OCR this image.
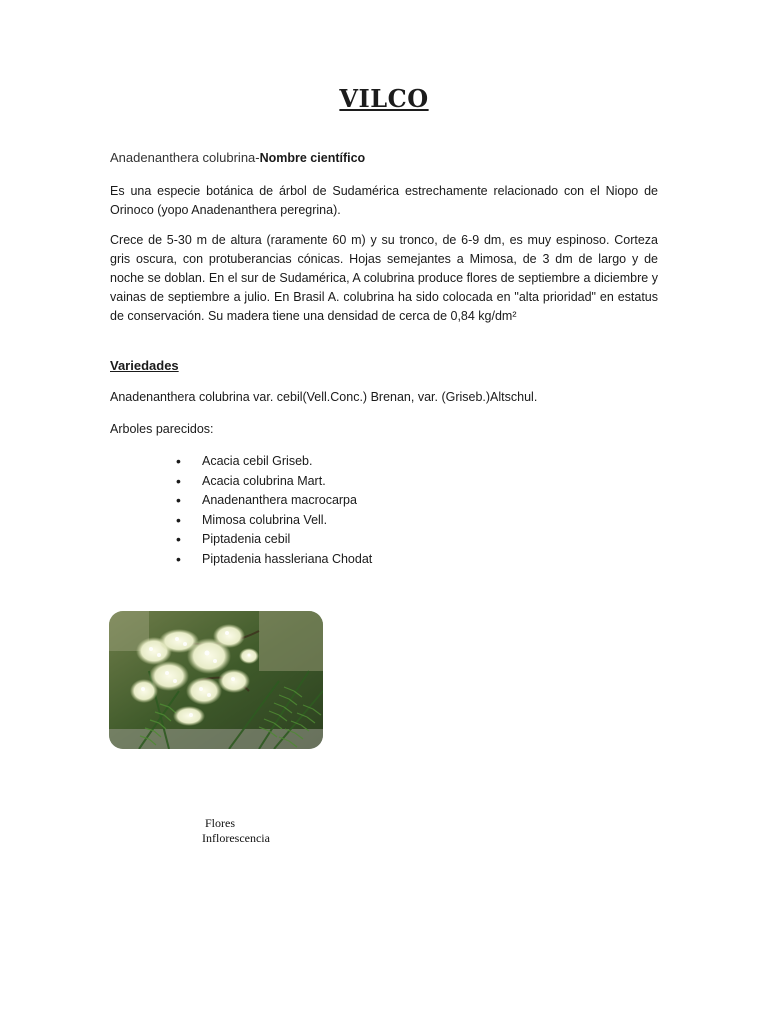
VILCO
Anadenanthera colubrina-Nombre científico
Es una especie botánica de árbol de Sudamérica estrechamente relacionado con el Niopo de Orinoco (yopo Anadenanthera peregrina).
Crece de 5-30 m de altura (raramente 60 m) y su tronco, de 6-9 dm, es muy espinoso. Corteza gris oscura, con protuberancias cónicas. Hojas semejantes a Mimosa, de 3 dm de largo y de noche se doblan. En el sur de Sudamérica, A colubrina produce flores de septiembre a diciembre y vainas de septiembre a julio. En Brasil A. colubrina ha sido colocada en "alta prioridad" en estatus de conservación. Su madera tiene una densidad de cerca de 0,84 kg/dm²
Variedades
Anadenanthera colubrina var. cebil(Vell.Conc.) Brenan, var. (Griseb.)Altschul.
Arboles parecidos:
• Acacia cebil Griseb.
• Acacia colubrina Mart.
• Anadenanthera macrocarpa
• Mimosa colubrina Vell.
• Piptadenia cebil
• Piptadenia hassleriana Chodat
Flores
Inflorescencia
